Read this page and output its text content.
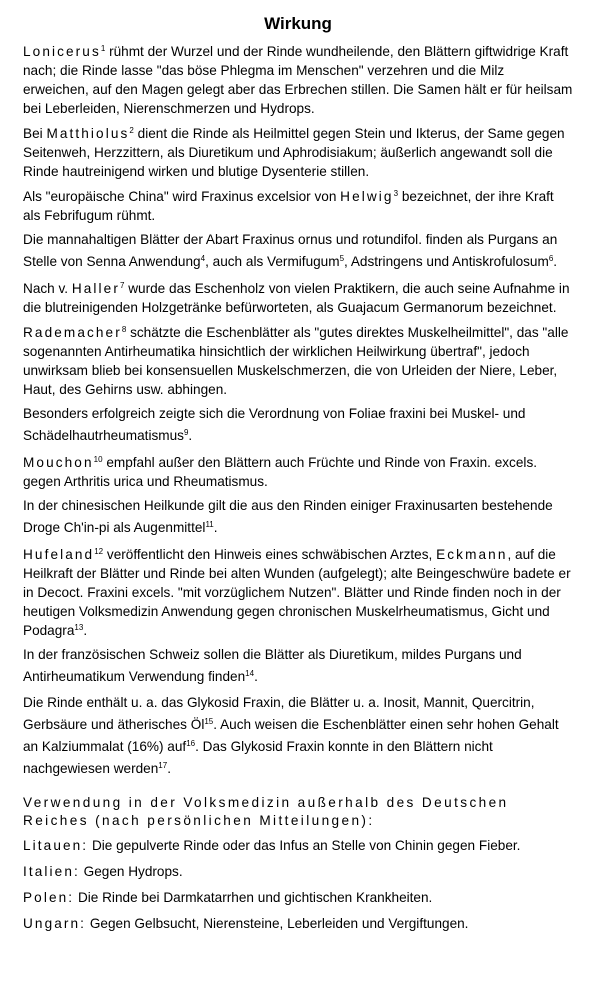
Wirkung

Lonicerus$^1$ rühmt der Wurzel und der Rinde wundheilende, den Blättern giftwidrige Kraft nach; die Rinde lasse "das böse Phlegma im Menschen" verzehren und die Milz erweichen, auf den Magen gelegt aber das Erbrechen stillen. Die Samen hält er für heilsam bei Leberleiden, Nierenschmerzen und Hydrops.

Bei Matthiolus$^2$ dient die Rinde als Heilmittel gegen Stein und Ikterus, der Same gegen Seitenweh, Herzzittern, als Diuretikum und Aphrodisiakum; äußerlich angewandt soll die Rinde hautreinigend wirken und blutige Dysenterie stillen.

Als "europäische China" wird Fraxinus excelsior von Helwig$^3$ bezeichnet, der ihre Kraft als Febrifugum rühmt.

Die mannahaltigen Blätter der Abart Fraxinus ornus und rotundifol. finden als Purgans an Stelle von Senna Anwendung$^4$, auch als Vermifugum$^5$, Adstringens und Antiskrofulosum$^6$.

Nach v. Haller$^7$ wurde das Eschenholz von vielen Praktikern, die auch seine Aufnahme in die blutreinigenden Holzgetränke befürworteten, als Guajacum Germanorum bezeichnet.

Rademacher$^8$ schätzte die Eschenblätter als "gutes direktes Muskelheilmittel", das "alle sogenannten Antirheumatika hinsichtlich der wirklichen Heilwirkung übertraf", jedoch unwirksam blieb bei konsensuellen Muskelschmerzen, die von Urleiden der Niere, Leber, Haut, des Gehirns usw. abhingen.

Besonders erfolgreich zeigte sich die Verordnung von Foliae fraxini bei Muskel- und Schädelhautrheumatismus$^9$.

Mouchon$^{10}$ empfahl außer den Blättern auch Früchte und Rinde von Fraxin. excels. gegen Arthritis urica und Rheumatismus.

In der chinesischen Heilkunde gilt die aus den Rinden einiger Fraxinusarten bestehende Droge Ch'in-pi als Augenmittel$^{11}$.

Hufeland$^{12}$ veröffentlicht den Hinweis eines schwäbischen Arztes, Eckmann, auf die Heilkraft der Blätter und Rinde bei alten Wunden (aufgelegt); alte Beingeschwüre badete er in Decoct. Fraxini excels. "mit vorzüglichem Nutzen". Blätter und Rinde finden noch in der heutigen Volksmedizin Anwendung gegen chronischen Muskelrheumatismus, Gicht und Podagra$^{13}$.

In der französischen Schweiz sollen die Blätter als Diuretikum, mildes Purgans und Antirheumatikum Verwendung finden$^{14}$.

Die Rinde enthält u. a. das Glykosid Fraxin, die Blätter u. a. Inosit, Mannit, Quercitrin, Gerbsäure und ätherisches $Öl^{15}$. Auch weisen die Eschenblätter einen sehr hohen Gehalt an Kalziummalat (16%) auf$^{16}$. Das Glykosid Fraxin konnte in den Blättern nicht nachgewiesen werden$^{17}$.

Verwendung in der Volksmedizin außerhalb des Deutschen Reiches (nach persönlichen Mitteilungen):

Litauen: Die gepulverte Rinde oder das Infus an Stelle von Chinin gegen Fieber.

Italien: Gegen Hydrops.

Polen: Die Rinde bei Darmkatarrhen und gichtischen Krankheiten.

Ungarn: Gegen Gelbsucht, Nierensteine, Leberleiden und Vergiftungen.
